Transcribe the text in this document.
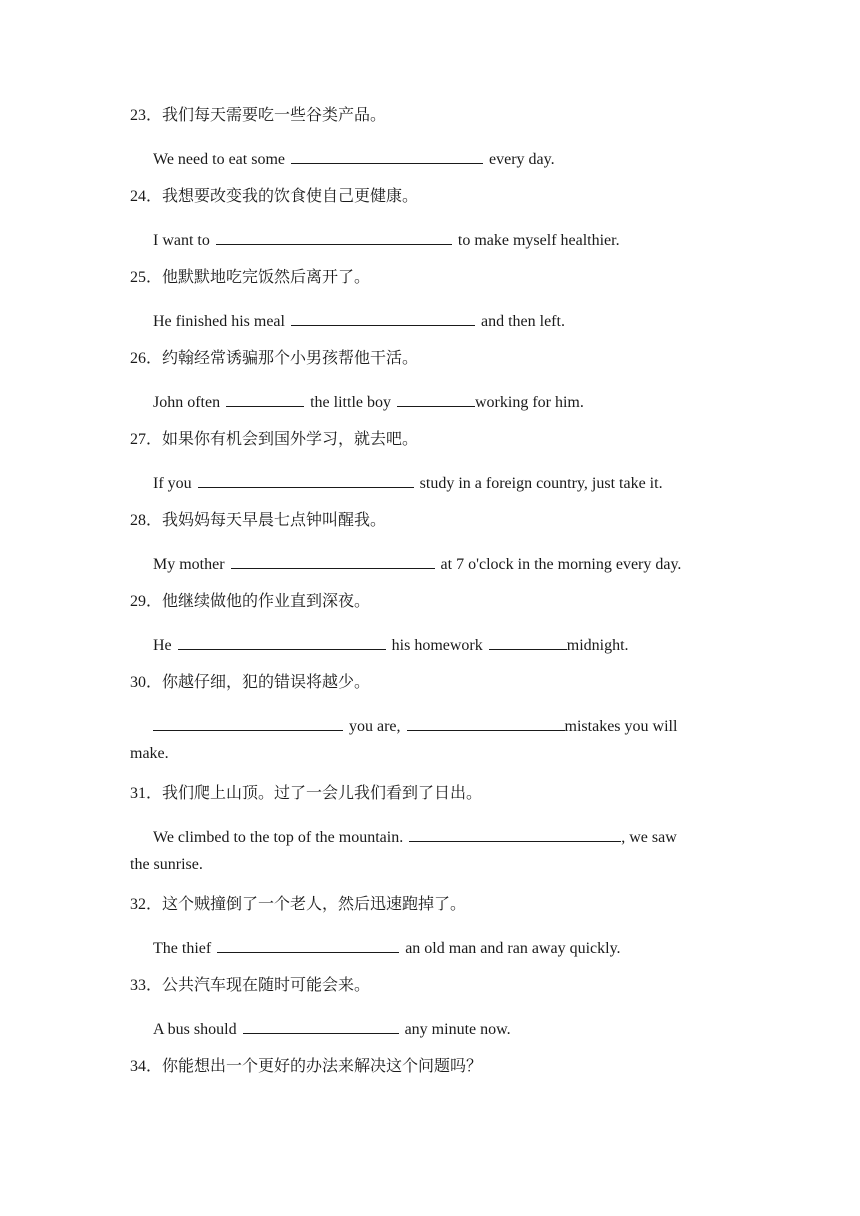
23．我们每天需要吃一些谷类产品。
We need to eat some	every day.
24．我想要改变我的饮食使自己更健康。
I want to	to make myself healthier.
25．他默默地吃完饭然后离开了。
He finished his meal	and then left.
26．约翰经常诱骗那个小男孩帮他干活。
John often	the little boy	working for him.
27．如果你有机会到国外学习，就去吧。
If you	study in a foreign country, just take it.
28．我妈妈每天早晨七点钟叫醒我。
My mother	at 7 o'clock in the morning every day.
29．他继续做他的作业直到深夜。
He	his homework	midnight.
30．你越仔细，犯的错误将越少。
you are,	mistakes you will
make.
31．我们爬上山顶。过了一会儿我们看到了日出。
We climbed to the top of the mountain.	, we saw
the sunrise.
32．这个贼撞倒了一个老人，然后迅速跑掉了。
The thief	an old man and ran away quickly.
33．公共汽车现在随时可能会来。
A bus should	any minute now.
34．你能想出一个更好的办法来解决这个问题吗？
